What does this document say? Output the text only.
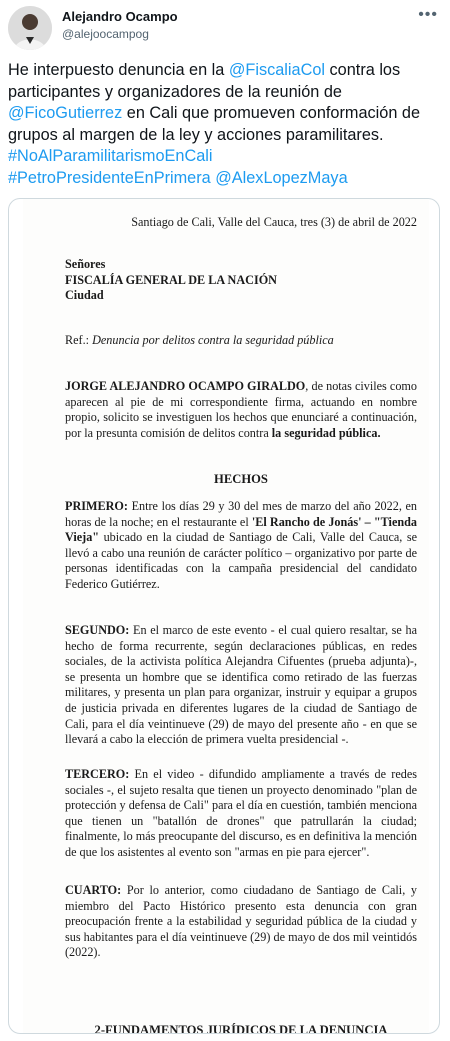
Alejandro Ocampo
@alejoocampog
•••
He interpuesto denuncia en la @FiscaliaCol contra los participantes y organizadores de la reunión de @FicoGutierrez en Cali que promueven conformación de grupos al margen de la ley y acciones paramilitares. #NoAlParamilitarismoEnCali
#PetroPresidenteEnPrimera @AlexLopezMaya
Santiago de Cali, Valle del Cauca, tres (3) de abril de 2022
Señores
FISCALÍA GENERAL DE LA NACIÓN
Ciudad
Ref.: Denuncia por delitos contra la seguridad pública

JORGE ALEJANDRO OCAMPO GIRALDO, de notas civiles como aparecen al pie de mi correspondiente firma, actuando en nombre propio, solicito se investiguen los hechos que enunciaré a continuación, por la presunta comisión de delitos contra la seguridad pública.

HECHOS

PRIMERO: Entre los días 29 y 30 del mes de marzo del año 2022, en horas de la noche; en el restaurante el 'El Rancho de Jonás' – "Tienda Vieja" ubicado en la ciudad de Santiago de Cali, Valle del Cauca, se llevó a cabo una reunión de carácter político – organizativo por parte de personas identificadas con la campaña presidencial del candidato Federico Gutiérrez.

SEGUNDO: En el marco de este evento - el cual quiero resaltar, se ha hecho de forma recurrente, según declaraciones públicas, en redes sociales, de la activista política Alejandra Cifuentes (prueba adjunta)-, se presenta un hombre que se identifica como retirado de las fuerzas militares, y presenta un plan para organizar, instruir y equipar a grupos de justicia privada en diferentes lugares de la ciudad de Santiago de Cali, para el día veintinueve (29) de mayo del presente año - en que se llevará a cabo la elección de primera vuelta presidencial -.

TERCERO: En el video - difundido ampliamente a través de redes sociales -, el sujeto resalta que tienen un proyecto denominado "plan de protección y defensa de Cali" para el día en cuestión, también menciona que tienen un "batallón de drones" que patrullarán la ciudad; finalmente, lo más preocupante del discurso, es en definitiva la mención de que los asistentes al evento son "armas en pie para ejercer".

CUARTO: Por lo anterior, como ciudadano de Santiago de Cali, y miembro del Pacto Histórico presento esta denuncia con gran preocupación frente a la estabilidad y seguridad pública de la ciudad y sus habitantes para el día veintinueve (29) de mayo de dos mil veintidós (2022).

2-FUNDAMENTOS JURÍDICOS DE LA DENUNCIA
